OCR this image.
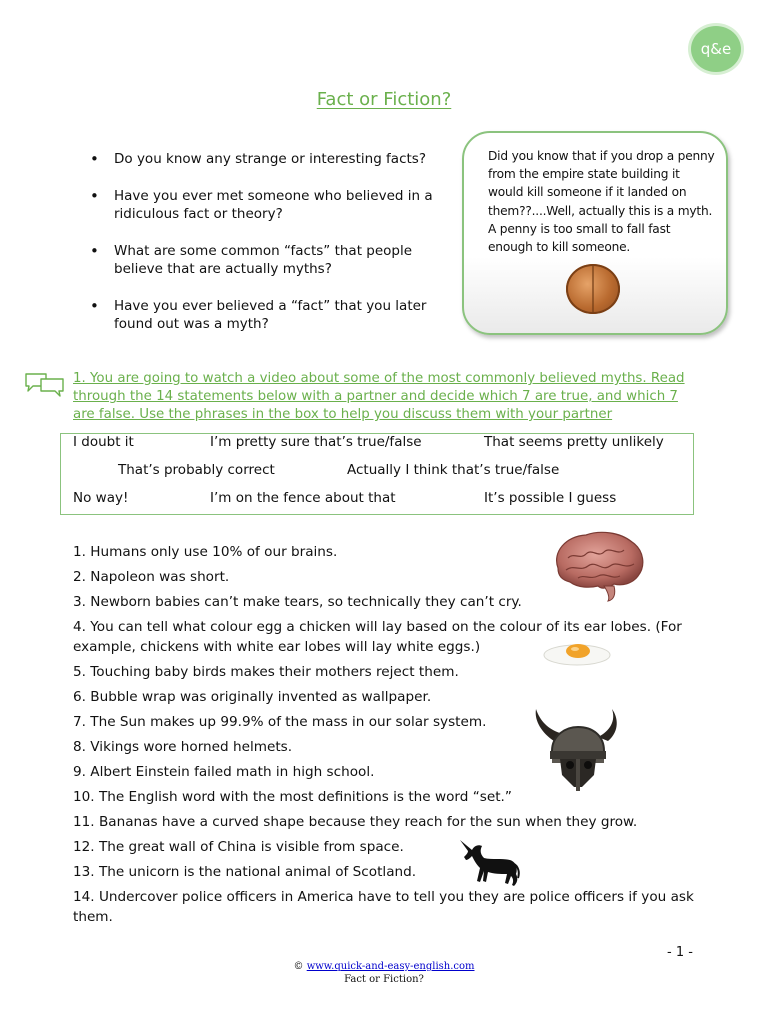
q&e
Fact or Fiction?
• Do you know any strange or interesting facts?
• Have you ever met someone who believed in a ridiculous fact or theory?
• What are some common “facts” that people believe that are actually myths?
• Have you ever believed a “fact” that you later found out was a myth?
Did you know that if you drop a penny from the empire state building it would kill someone if it landed on them??....Well, actually this is a myth. A penny is too small to fall fast enough to kill someone.
1. You are going to watch a video about some of the most commonly believed myths. Read through the 14 statements below with a partner and decide which 7 are true, and which 7 are false. Use the phrases in the box to help you discuss them with your partner
I doubt it	I’m pretty sure that’s true/false	That seems pretty unlikely
That’s probably correct	Actually I think that’s true/false
No way!	I’m on the fence about that	It’s possible I guess
1. Humans only use 10% of our brains.
2. Napoleon was short.
3. Newborn babies can’t make tears, so technically they can’t cry.
4. You can tell what colour egg a chicken will lay based on the colour of its ear lobes. (For example, chickens with white ear lobes will lay white eggs.)
5. Touching baby birds makes their mothers reject them.
6. Bubble wrap was originally invented as wallpaper.
7. The Sun makes up 99.9% of the mass in our solar system.
8. Vikings wore horned helmets.
9. Albert Einstein failed math in high school.
10. The English word with the most definitions is the word “set.”
11. Bananas have a curved shape because they reach for the sun when they grow.
12. The great wall of China is visible from space.
13. The unicorn is the national animal of Scotland.
14. Undercover police officers in America have to tell you they are police officers if you ask them.
- 1 -
© www.quick-and-easy-english.com
Fact or Fiction?
